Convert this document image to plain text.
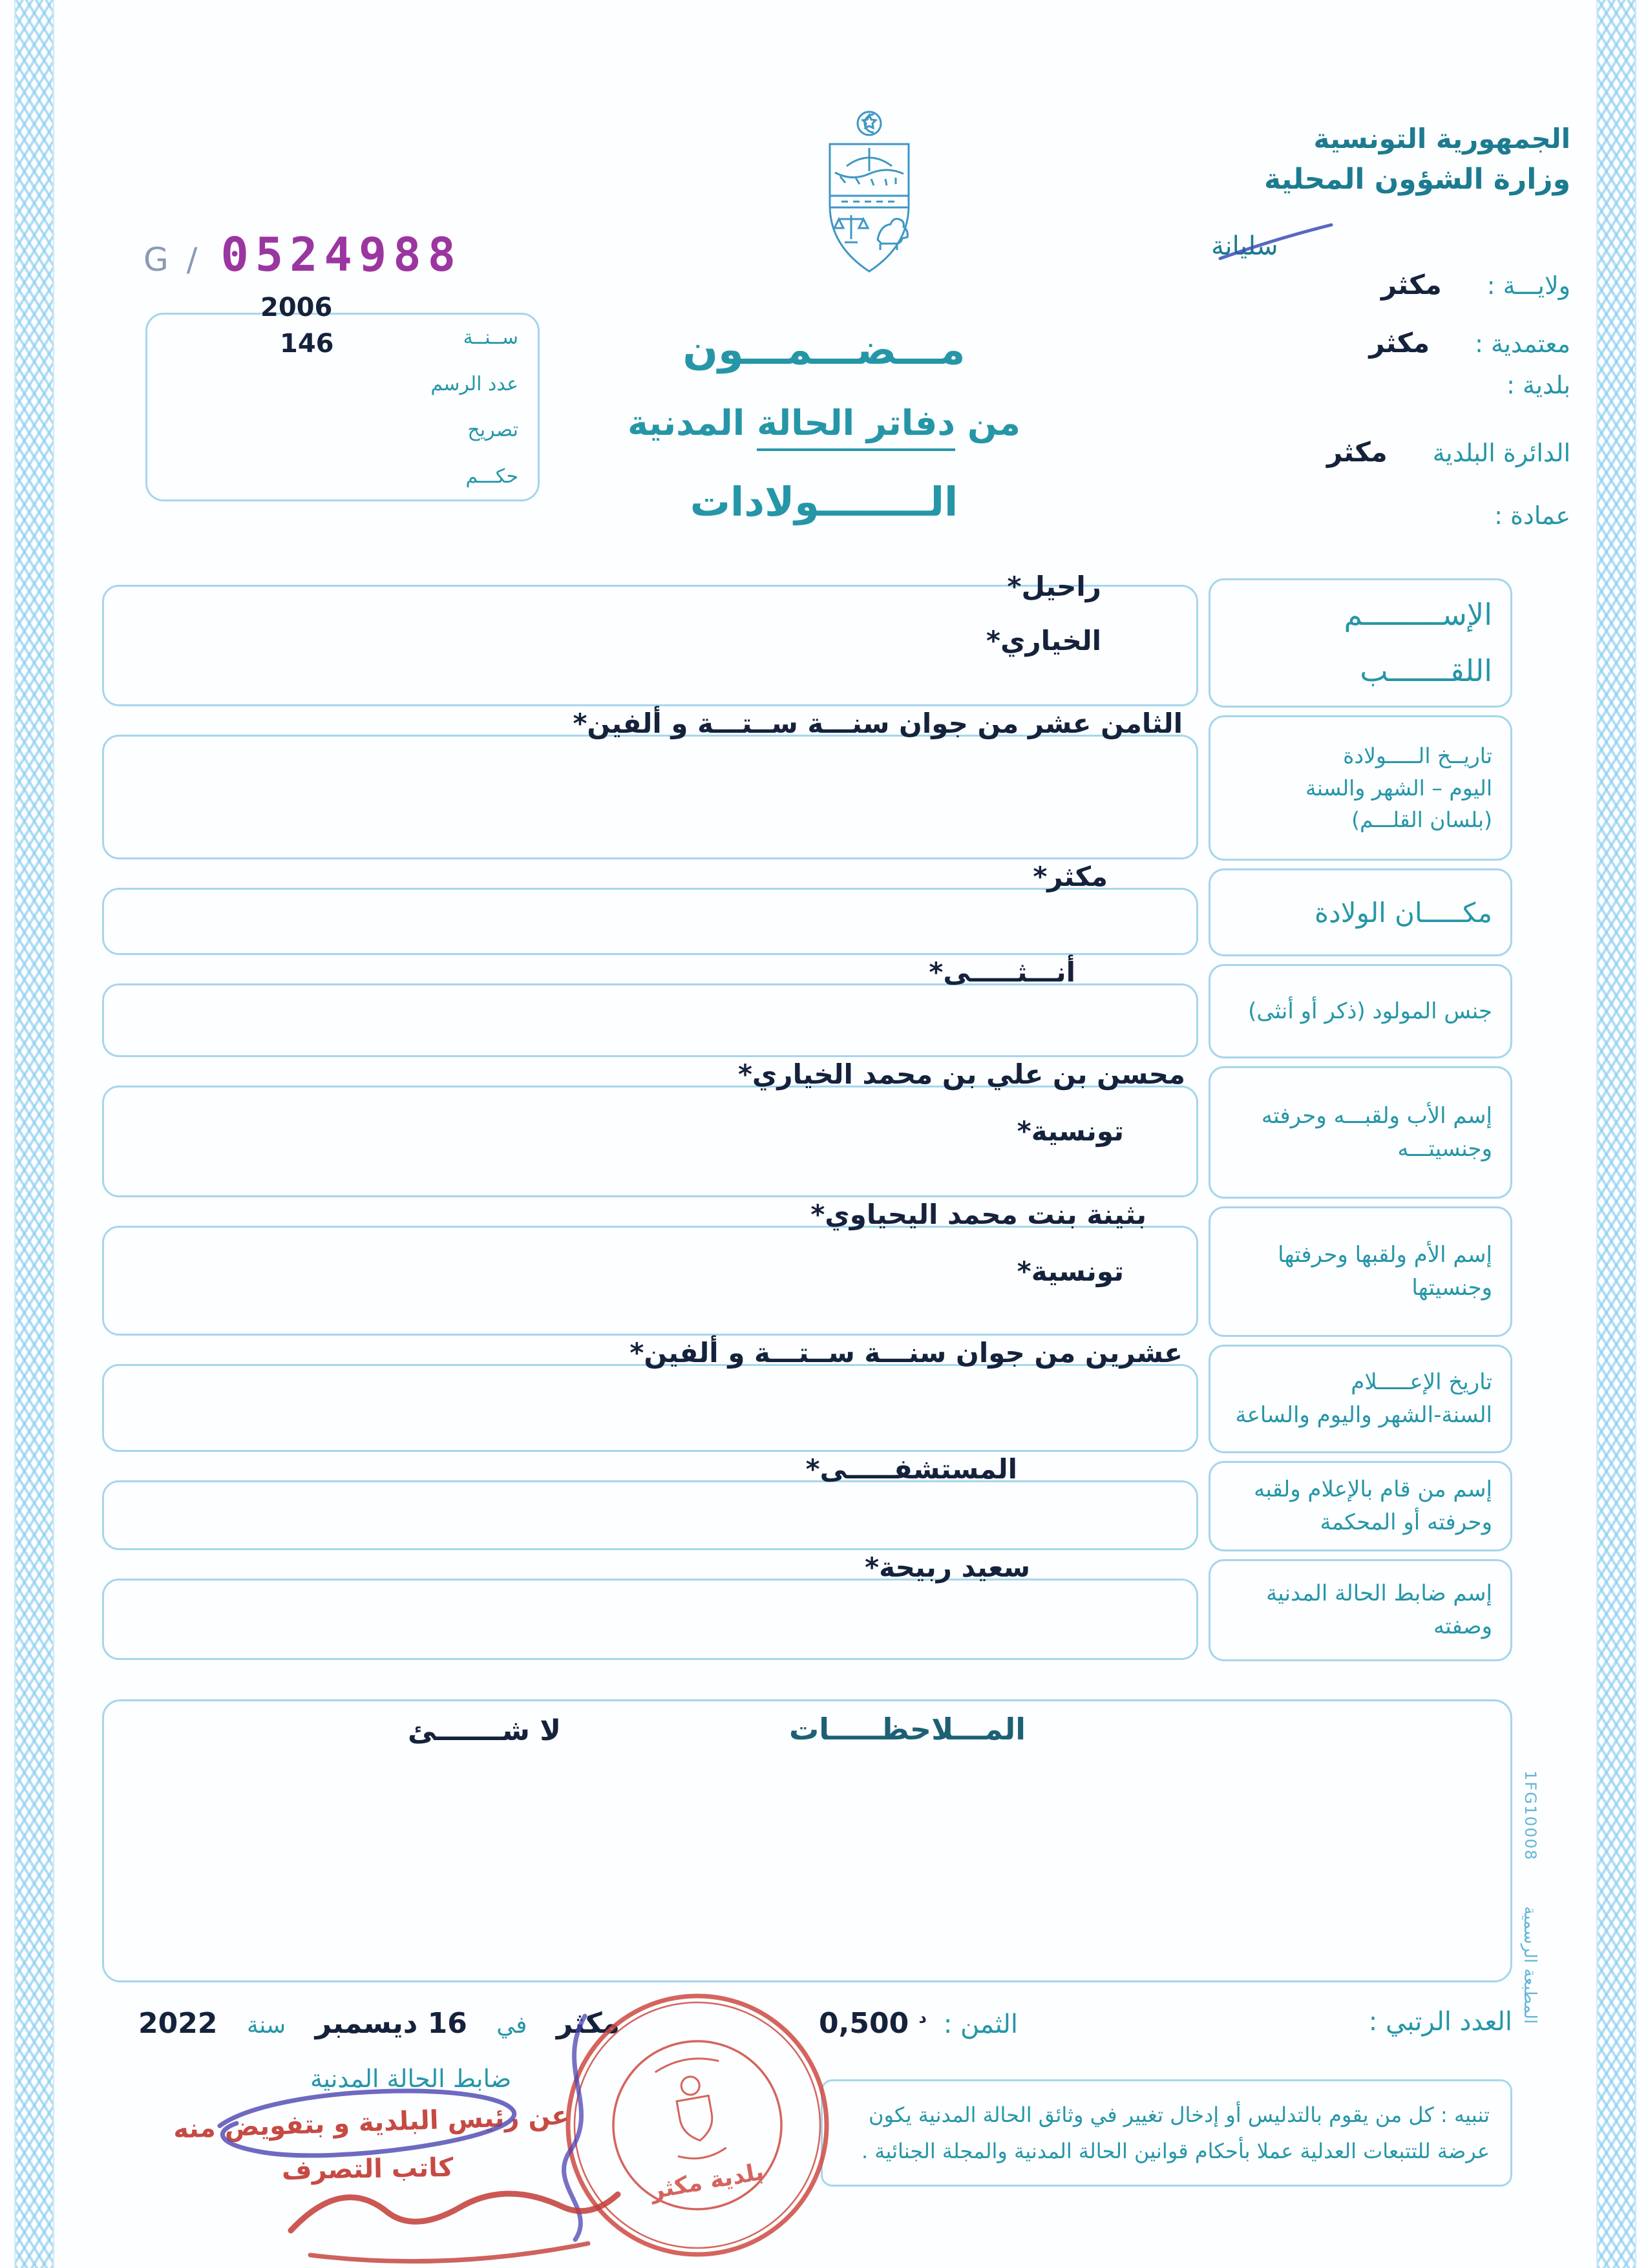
G / 0524988
ســنــة
عدد الرسم
تصريح
حكـــم
2006
146
الجمهورية التونسية
وزارة الشؤون المحلية
سليانة
ولايـــة :
مكثر
معتمدية :
مكثر
بلدية :
الدائرة البلدية
مكثر
عمادة :
مـــضـــمـــون
من دفاتر الحالة المدنية
الــــــــولادات
الإســـــــــم
اللقـــــــب
راحيل*
الخياري*
تاريــخ الـــــولادة
اليوم – الشهر والسنة
(بلسان القلـــم)
الثامن عشر من جوان سنـــة ســتـــة و ألفين*
مكـــــان الولادة
مكثر*
جنس المولود (ذكر أو أنثى)
أنـــثـــــى*
إسم الأب ولقبـــه وحرفته
وجنسيتـــه
محسن بن علي بن محمد الخياري*
تونسية*
إسم الأم ولقبها وحرفتها
وجنسيتها
بثينة بنت محمد اليحياوي*
تونسية*
تاريخ الإعـــــلام
السنة-الشهر واليوم والساعة
عشرين من جوان سنـــة ســتـــة و ألفين*
إسم من قام بالإعلام ولقبه
وحرفته أو المحكمة
المستشفـــــى*
إسم ضابط الحالة المدنية
وصفته
سعيد ربيحة*
المـــلاحظـــــات
لا شـــــــئ
العدد الرتبي :
الثمن :
$^د$ 0,500
مكثر
في
16 ديسمبر
سنة
2022
ضابط الحالة المدنية
عن رئيس البلدية و بتفويض منه
كاتب التصرف
تنبيه : كل من يقوم بالتدليس أو إدخال تغيير في وثائق الحالة المدنية يكون عرضة للتتبعات العدلية عملا بأحكام قوانين الحالة المدنية والمجلة الجنائية .
بلدية مكثر
1FG10008
المطبعة الرسمية
